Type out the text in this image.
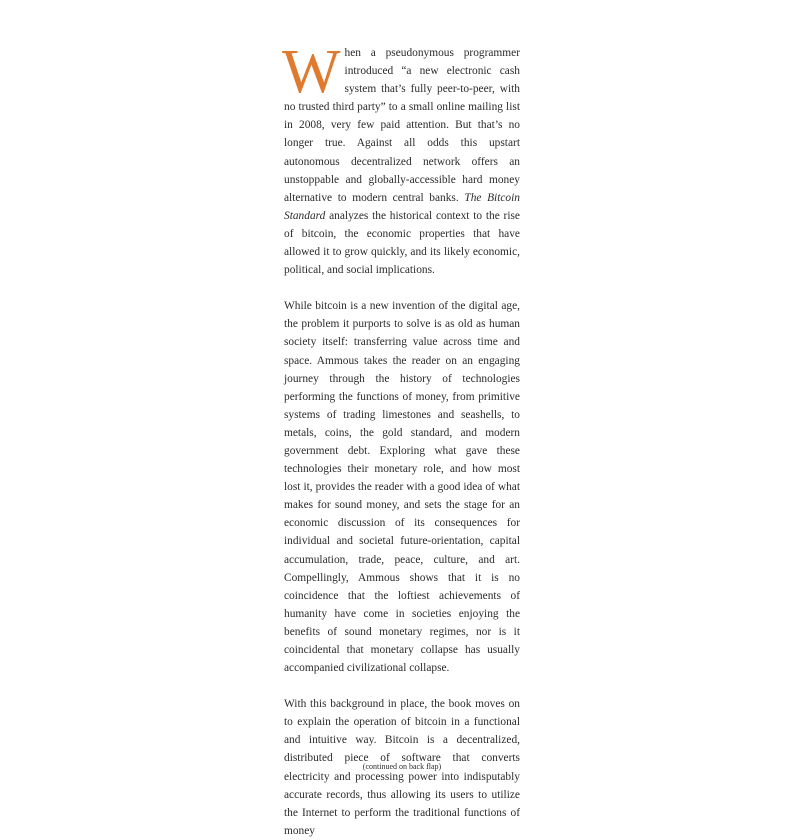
When a pseudonymous programmer introduced “a new electronic cash system that’s fully peer-to-peer, with no trusted third party” to a small online mailing list in 2008, very few paid attention. But that’s no longer true. Against all odds this upstart autonomous decentralized network offers an unstoppable and globally-accessible hard money alternative to modern central banks. The Bitcoin Standard analyzes the historical context to the rise of bitcoin, the economic properties that have allowed it to grow quickly, and its likely economic, political, and social implications.

While bitcoin is a new invention of the digital age, the problem it purports to solve is as old as human society itself: transferring value across time and space. Ammous takes the reader on an engaging journey through the history of technologies performing the functions of money, from primitive systems of trading limestones and seashells, to metals, coins, the gold standard, and modern government debt. Exploring what gave these technologies their monetary role, and how most lost it, provides the reader with a good idea of what makes for sound money, and sets the stage for an economic discussion of its consequences for individual and societal future-orientation, capital accumulation, trade, peace, culture, and art. Compellingly, Ammous shows that it is no coincidence that the loftiest achievements of humanity have come in societies enjoying the benefits of sound monetary regimes, nor is it coincidental that monetary collapse has usually accompanied civilizational collapse.

With this background in place, the book moves on to explain the operation of bitcoin in a functional and intuitive way. Bitcoin is a decentralized, distributed piece of software that converts electricity and processing power into indisputably accurate records, thus allowing its users to utilize the Internet to perform the traditional functions of money

(continued on back flap)
